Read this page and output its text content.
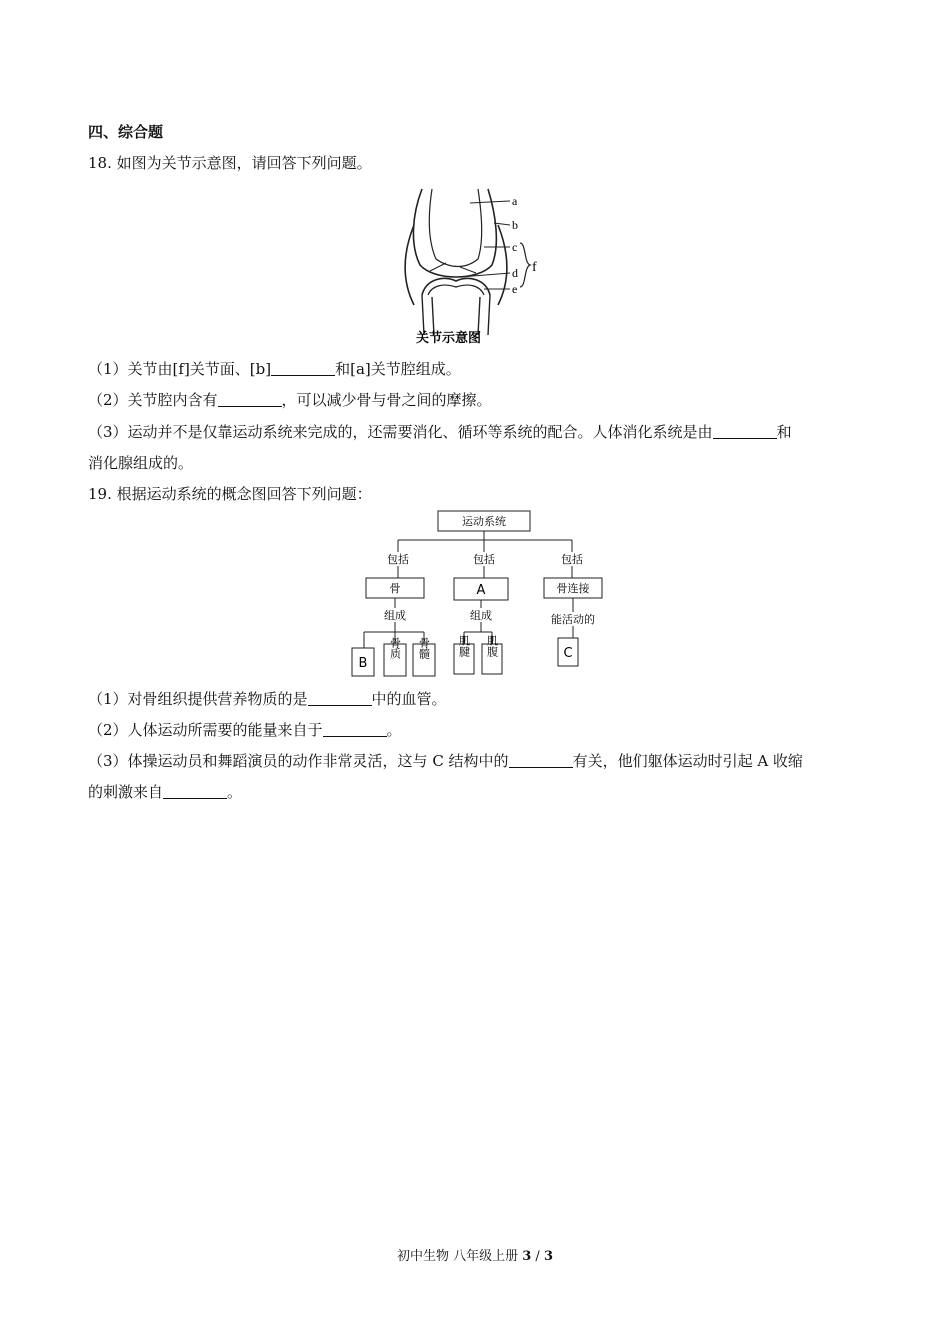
四、综合题
18. 如图为关节示意图，请回答下列问题。
a
b
c
d
e
f
关节示意图
（1）关节由[f]关节面、[b]	和[a]关节腔组成。
（2）关节腔内含有	，可以减少骨与骨之间的摩擦。
（3）运动并不是仅靠运动系统来完成的，还需要消化、循环等系统的配合。人体消化系统是由	和
消化腺组成的。
19. 根据运动系统的概念图回答下列问题：
运动系统
包括	包括	包括
骨	A	骨连接
组成	组成	能活动的
B
骨质 骨髓 肌腱 肌腹	C
（1）对骨组织提供营养物质的是	中的血管。
（2）人体运动所需要的能量来自于	。
（3）体操运动员和舞蹈演员的动作非常灵活，这与 C 结构中的	有关，他们躯体运动时引起 A 收缩
的刺激来自	。
初中生物 八年级上册 3 / 3
